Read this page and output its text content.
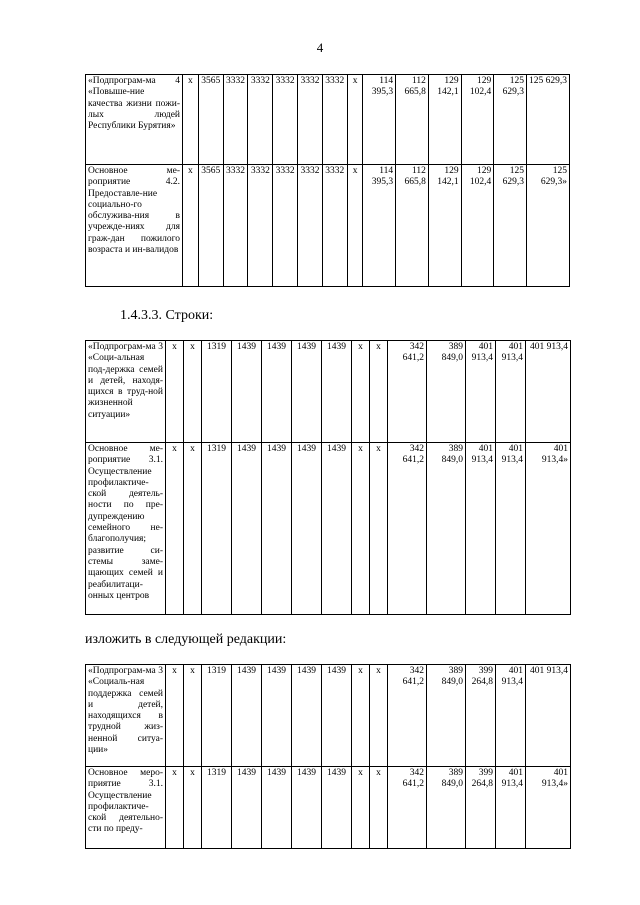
4
«Подпрограм-ма 4 «Повыше-ние качества жизни пожи-лых людей Республики Бурятия»	х	3565	3332	3332	3332	3332	3332	х	114 395,3	112 665,8	129 142,1	129 102,4	125 629,3	125 629,3
Основное ме-роприятие 4.2. Предоставле-ние социально-го обслужива-ния в учрежде-ниях для граж-дан пожилого возраста и ин-валидов	х	3565	3332	3332	3332	3332	3332	х	114 395,3	112 665,8	129 142,1	129 102,4	125 629,3	125 629,3»
1.4.3.3. Строки:
«Подпрограм-ма 3 «Соци-альная под-держка семей и детей, находя-щихся в труд-ной жизненной ситуации»	х	х	1319	1439	1439	1439	1439	х	х	342 641,2	389 849,0	401 913,4	401 913,4	401 913,4
Основное ме-роприятие 3.1. Осуществление профилактиче-ской деятель-ности по пре-дупреждению семейного не-благополучия; развитие си-стемы заме-щающих семей и реабилитаци-онных центров	х	х	1319	1439	1439	1439	1439	х	х	342 641,2	389 849,0	401 913,4	401 913,4	401 913,4»
изложить в следующей редакции:
«Подпрограм-ма 3 «Социаль-ная поддержка семей и детей, находящихся в трудной жиз-ненной ситуа-ции»	х	х	1319	1439	1439	1439	1439	х	х	342 641,2	389 849,0	399 264,8	401 913,4	401 913,4
Основное меро-приятие 3.1. Осуществление профилактиче-ской деятельно-сти по преду-	х	х	1319	1439	1439	1439	1439	х	х	342 641,2	389 849,0	399 264,8	401 913,4	401 913,4»
